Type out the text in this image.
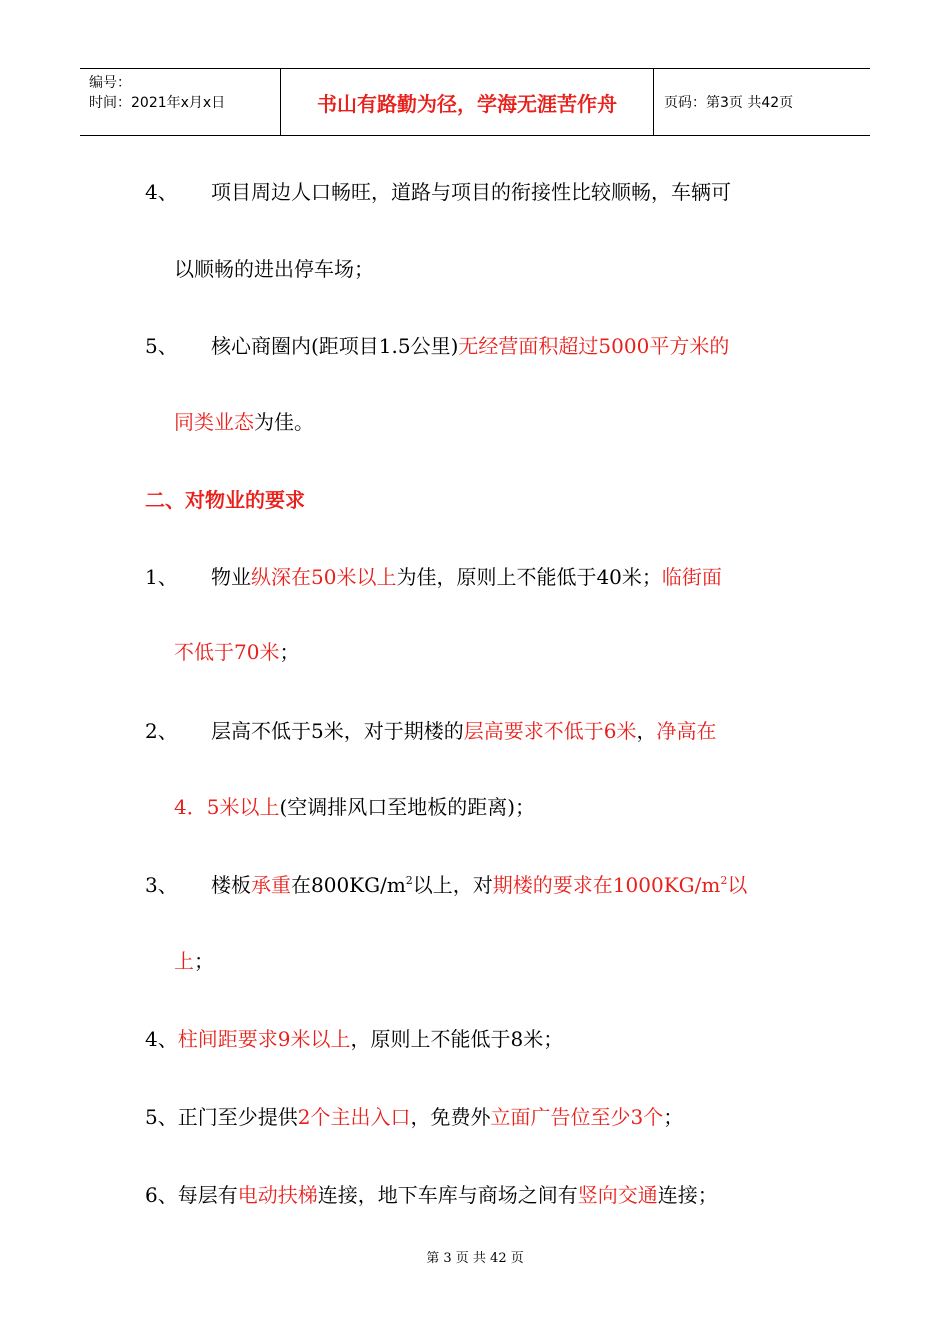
编号：
时间：2021年x月x日	书山有路勤为径，学海无涯苦作舟	页码：第3页 共42页
4、 项目周边人口畅旺，道路与项目的衔接性比较顺畅，车辆可
以顺畅的进出停车场；
5、 核心商圈内(距项目1.5公里)无经营面积超过5000平方米的
同类业态为佳。
二、对物业的要求
1、 物业纵深在50米以上为佳，原则上不能低于40米；临街面
不低于70米；
2、 层高不低于5米，对于期楼的层高要求不低于6米，净高在
4．5米以上(空调排风口至地板的距离)；
3、 楼板承重在$800KG/m^2$以上，对期楼的要求在$1000KG/m^2$以
上；
4、柱间距要求9米以上，原则上不能低于8米；
5、正门至少提供2个主出入口，免费外立面广告位至少3个；
6、每层有电动扶梯连接，地下车库与商场之间有竖向交通连接；
第 3 页 共 42 页
